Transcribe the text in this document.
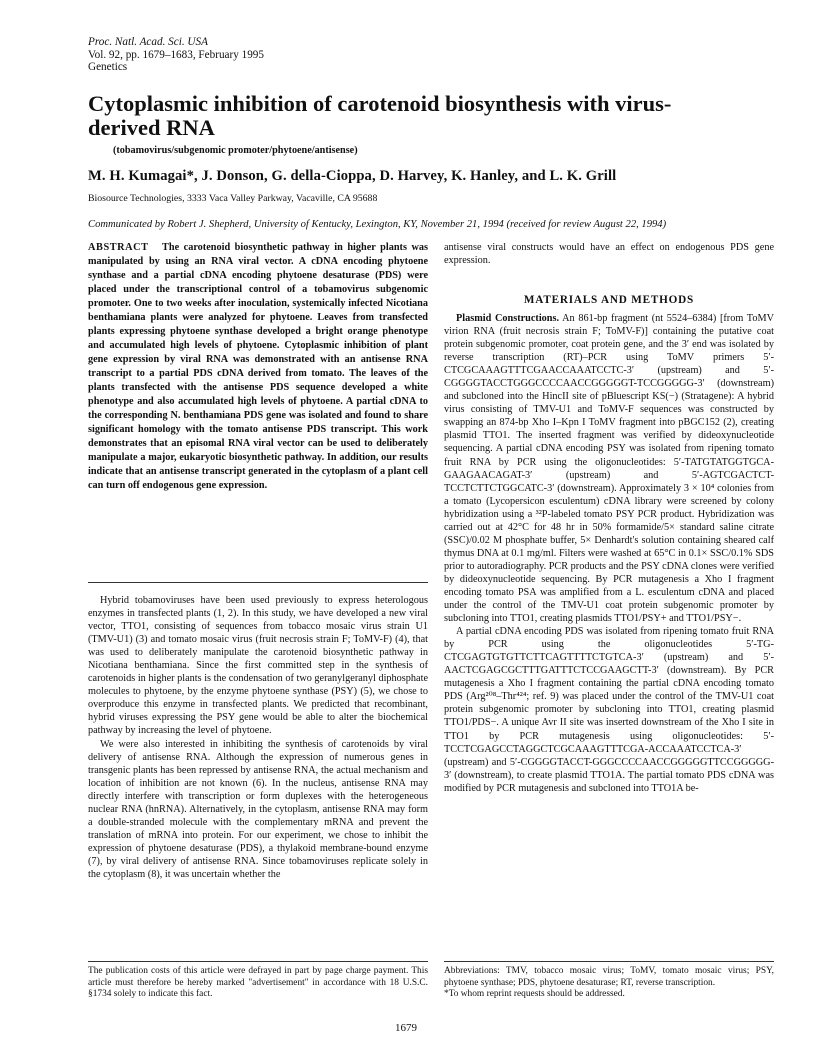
Proc. Natl. Acad. Sci. USA
Vol. 92, pp. 1679–1683, February 1995
Genetics
Cytoplasmic inhibition of carotenoid biosynthesis with virus-derived RNA
(tobamovirus/subgenomic promoter/phytoene/antisense)
M. H. Kumagai*, J. Donson, G. della-Cioppa, D. Harvey, K. Hanley, and L. K. Grill
Biosource Technologies, 3333 Vaca Valley Parkway, Vacaville, CA 95688
Communicated by Robert J. Shepherd, University of Kentucky, Lexington, KY, November 21, 1994 (received for review August 22, 1994)
ABSTRACT The carotenoid biosynthetic pathway in higher plants was manipulated by using an RNA viral vector. A cDNA encoding phytoene synthase and a partial cDNA encoding phytoene desaturase (PDS) were placed under the transcriptional control of a tobamovirus subgenomic promoter. One to two weeks after inoculation, systemically infected Nicotiana benthamiana plants were analyzed for phytoene. Leaves from transfected plants expressing phytoene synthase developed a bright orange phenotype and accumulated high levels of phytoene. Cytoplasmic inhibition of plant gene expression by viral RNA was demonstrated with an antisense RNA transcript to a partial PDS cDNA derived from tomato. The leaves of the plants transfected with the antisense PDS sequence developed a white phenotype and also accumulated high levels of phytoene. A partial cDNA to the corresponding N. benthamiana PDS gene was isolated and found to share significant homology with the tomato antisense PDS transcript. This work demonstrates that an episomal RNA viral vector can be used to deliberately manipulate a major, eukaryotic biosynthetic pathway. In addition, our results indicate that an antisense transcript generated in the cytoplasm of a plant cell can turn off endogenous gene expression.

Hybrid tobamoviruses have been used previously to express heterologous enzymes in transfected plants (1, 2). In this study, we have developed a new viral vector, TTO1, consisting of sequences from tobacco mosaic virus strain U1 (TMV-U1) (3) and tomato mosaic virus (fruit necrosis strain F; ToMV-F) (4), that was used to deliberately manipulate the carotenoid biosynthetic pathway in Nicotiana benthamiana. Since the first committed step in the synthesis of carotenoids in higher plants is the condensation of two geranylgeranyl diphosphate molecules to phytoene, by the enzyme phytoene synthase (PSY) (5), we chose to overproduce this enzyme in transfected plants. We predicted that recombinant, hybrid viruses expressing the PSY gene would be able to alter the biochemical pathway by increasing the level of phytoene.

We were also interested in inhibiting the synthesis of carotenoids by viral delivery of antisense RNA. Although the expression of numerous genes in transgenic plants has been repressed by antisense RNA, the actual mechanism and location of inhibition are not known (6). In the nucleus, antisense RNA may directly interfere with transcription or form duplexes with the heterogeneous nuclear RNA (hnRNA). Alternatively, in the cytoplasm, antisense RNA may form a double-stranded molecule with the complementary mRNA and prevent the translation of mRNA into protein. For our experiment, we chose to inhibit the expression of phytoene desaturase (PDS), a thylakoid membrane-bound enzyme (7), by viral delivery of antisense RNA. Since tobamoviruses replicate solely in the cytoplasm (8), it was uncertain whether the

antisense viral constructs would have an effect on endogenous PDS gene expression.

MATERIALS AND METHODS

Plasmid Constructions. An 861-bp fragment (nt 5524–6384) [from ToMV virion RNA (fruit necrosis strain F; ToMV-F)] containing the putative coat protein subgenomic promoter, coat protein gene, and the 3′ end was isolated by reverse transcription (RT)–PCR using ToMV primers 5′-CTCGCAAAGTTTCGAACCAAATCCTC-3′ (upstream) and 5′-CGGGGTACCTGGGCCCCAACCGGGGGT-TCCGGGGG-3′ (downstream) and subcloned into the HincII site of pBluescript KS(−) (Stratagene): A hybrid virus consisting of TMV-U1 and ToMV-F sequences was constructed by swapping an 874-bp Xho I–Kpn I ToMV fragment into pBGC152 (2), creating plasmid TTO1. The inserted fragment was verified by dideoxynucleotide sequencing. A partial cDNA encoding PSY was isolated from ripening tomato fruit RNA by PCR using the oligonucleotides: 5′-TATGTATGGTGCA-GAAGAACAGAT-3′ (upstream) and 5′-AGTCGACTCT-TCCTCTTCTGGCATC-3′ (downstream). Approximately 3 × 10⁴ colonies from a tomato (Lycopersicon esculentum) cDNA library were screened by colony hybridization using a ³²P-labeled tomato PSY PCR product. Hybridization was carried out at 42°C for 48 hr in 50% formamide/5× standard saline citrate (SSC)/0.02 M phosphate buffer, 5× Denhardt's solution containing sheared calf thymus DNA at 0.1 mg/ml. Filters were washed at 65°C in 0.1× SSC/0.1% SDS prior to autoradiography. PCR products and the PSY cDNA clones were verified by dideoxynucleotide sequencing. By PCR mutagenesis a Xho I fragment encoding tomato PSA was amplified from a L. esculentum cDNA and placed under the control of the TMV-U1 coat protein subgenomic promoter by subcloning into TTO1, creating plasmids TTO1/PSY+ and TTO1/PSY−.

A partial cDNA encoding PDS was isolated from ripening tomato fruit RNA by PCR using the oligonucleotides 5′-TG-CTCGAGTGTGTTCTTCAGTTTTCTGTCA-3′ (upstream) and 5′-AACTCGAGCGCTTTGATTTCTCCGAAGCTT-3′ (downstream). By PCR mutagenesis a Xho I fragment containing the partial cDNA encoding tomato PDS (Arg²⁰⁸–Thr⁴²⁴; ref. 9) was placed under the control of the TMV-U1 coat protein subgenomic promoter by subcloning into TTO1, creating plasmid TTO1/PDS−. A unique Avr II site was inserted downstream of the Xho I site in TTO1 by PCR mutagenesis using oligonucleotides: 5′-TCCTCGAGCCTAGGCTCGCAAAGTTTCGA-ACCAAATCCTCA-3′ (upstream) and 5′-CGGGGTACCT-GGGCCCCAACCGGGGGTTCCGGGGG-3′ (downstream), to create plasmid TTO1A. The partial tomato PDS cDNA was modified by PCR mutagenesis and subcloned into TTO1A be-

The publication costs of this article were defrayed in part by page charge payment. This article must therefore be hereby marked "advertisement" in accordance with 18 U.S.C. §1734 solely to indicate this fact.
Abbreviations: TMV, tobacco mosaic virus; ToMV, tomato mosaic virus; PSY, phytoene synthase; PDS, phytoene desaturase; RT, reverse transcription.
*To whom reprint requests should be addressed.
1679
